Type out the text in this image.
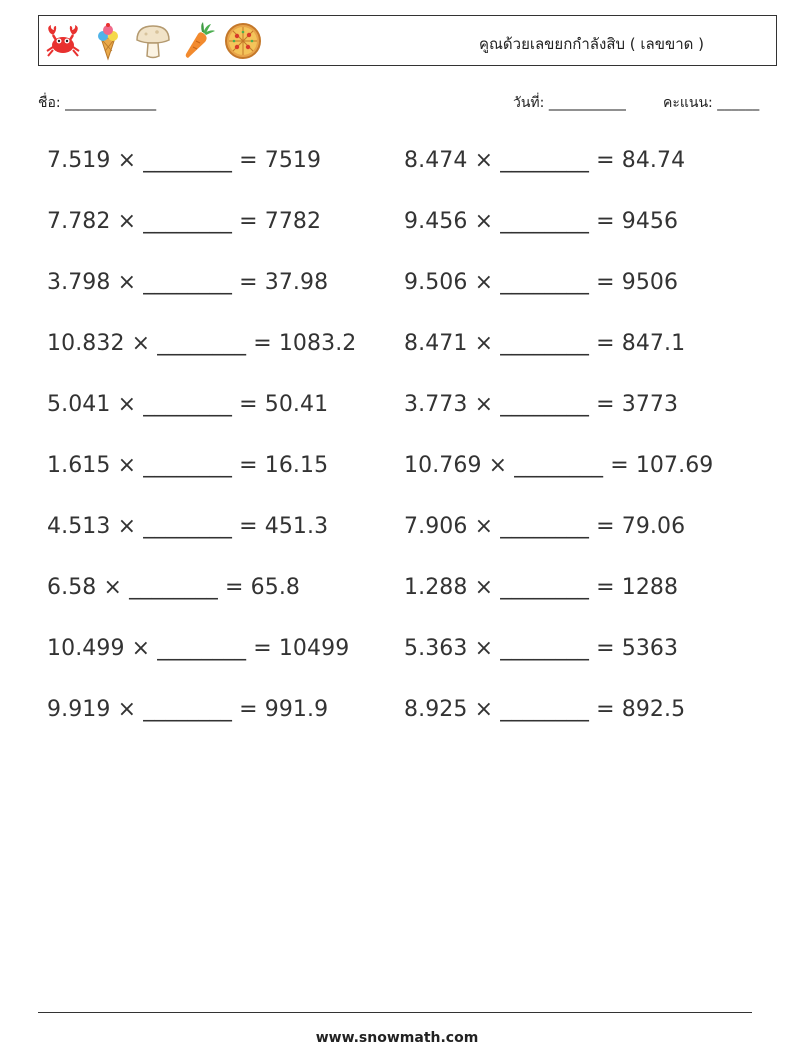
คูณด้วยเลขยกกำลังสิบ ( เลขขาด )
ชื่อ: _____________	วันที่: ___________	คะแนน: ______
7.519 × ________ = 7519
7.782 × ________ = 7782
3.798 × ________ = 37.98
10.832 × ________ = 1083.2
5.041 × ________ = 50.41
1.615 × ________ = 16.15
4.513 × ________ = 451.3
6.58 × ________ = 65.8
10.499 × ________ = 10499
9.919 × ________ = 991.9
8.474 × ________ = 84.74
9.456 × ________ = 9456
9.506 × ________ = 9506
8.471 × ________ = 847.1
3.773 × ________ = 3773
10.769 × ________ = 107.69
7.906 × ________ = 79.06
1.288 × ________ = 1288
5.363 × ________ = 5363
8.925 × ________ = 892.5
www.snowmath.com
